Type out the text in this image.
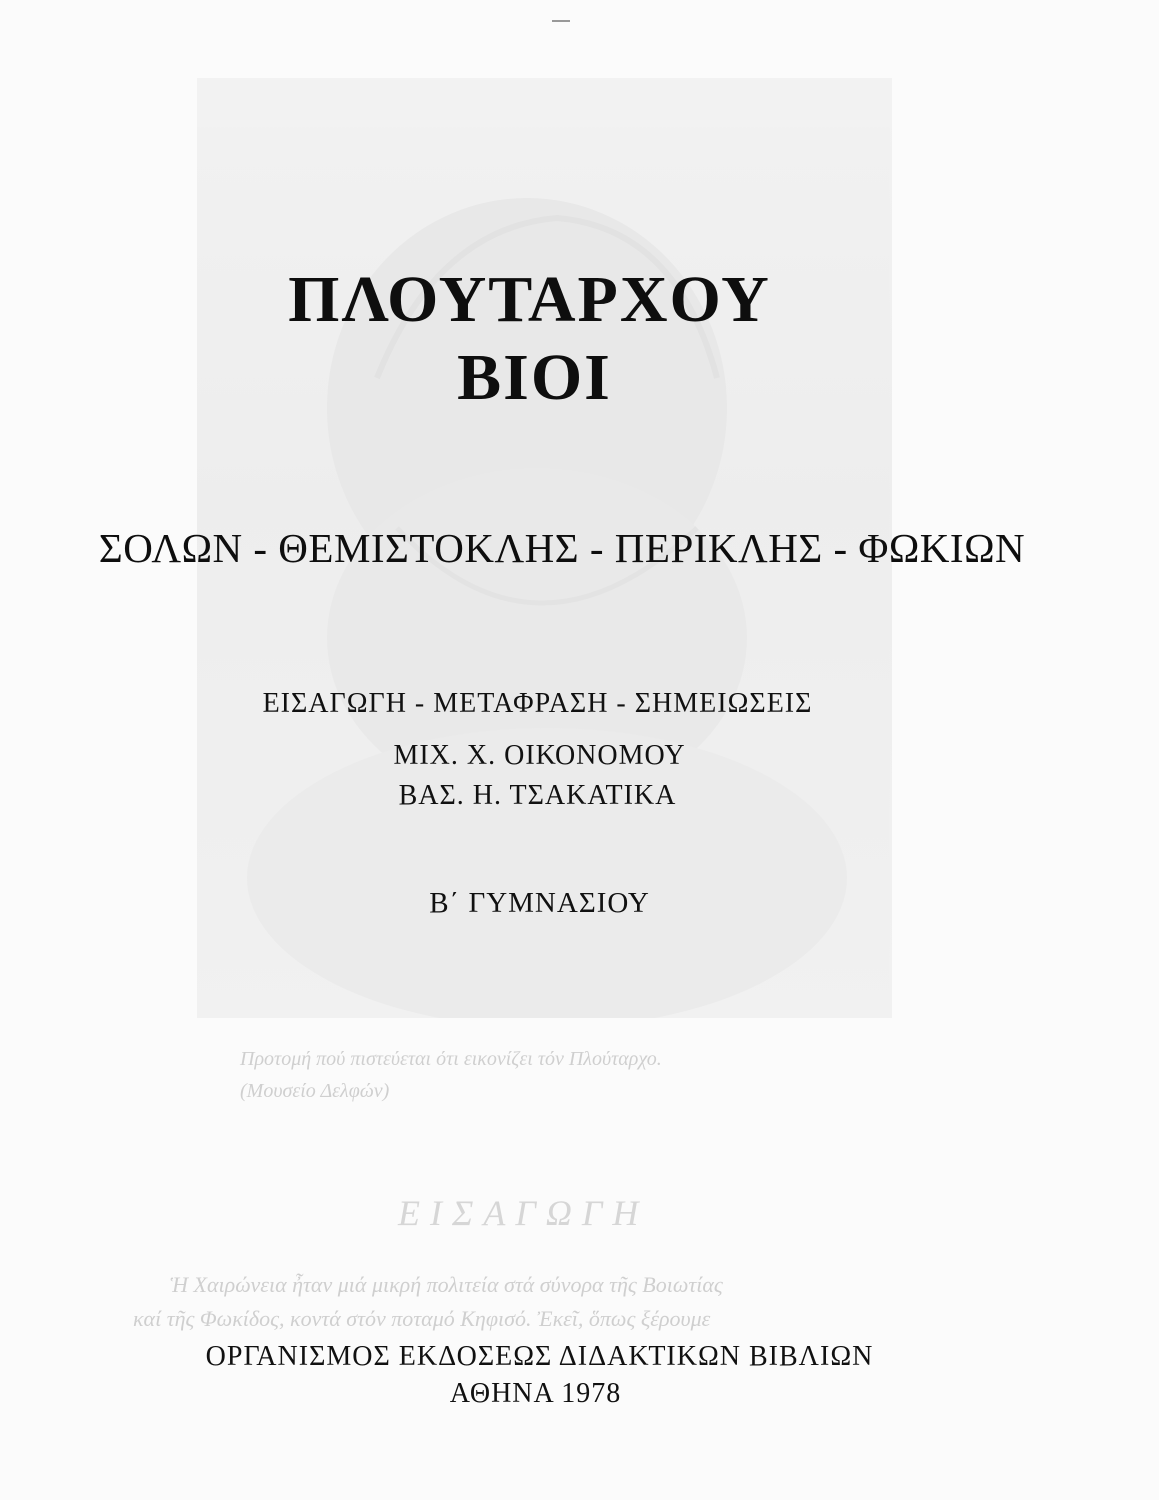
Προτομή πού πιστεύεται ότι εικονίζει τόν Πλούταρχο.
(Μουσείο Δελφών)
ΕΙΣΑΓΩΓΗ
Ἡ Χαιρώνεια ἦταν μιά μικρή πολιτεία στά σύνορα τῆς Βοιωτίας
καί τῆς Φωκίδος, κοντά στόν ποταμό Κηφισό. Ἐκεῖ, ὅπως ξέρουμε
ΠΛΟΥΤΑΡΧΟΥ
ΒΙΟΙ
ΣΟΛΩΝ - ΘΕΜΙΣΤΟΚΛΗΣ - ΠΕΡΙΚΛΗΣ - ΦΩΚΙΩΝ
ΕΙΣΑΓΩΓΗ - ΜΕΤΑΦΡΑΣΗ - ΣΗΜΕΙΩΣΕΙΣ
ΜΙΧ. Χ. ΟΙΚΟΝΟΜΟΥ
ΒΑΣ. Η. ΤΣΑΚΑΤΙΚΑ
Β΄ ΓΥΜΝΑΣΙΟΥ
ΟΡΓΑΝΙΣΜΟΣ ΕΚΔΟΣΕΩΣ ΔΙΔΑΚΤΙΚΩΝ ΒΙΒΛΙΩΝ
ΑΘΗΝΑ 1978
